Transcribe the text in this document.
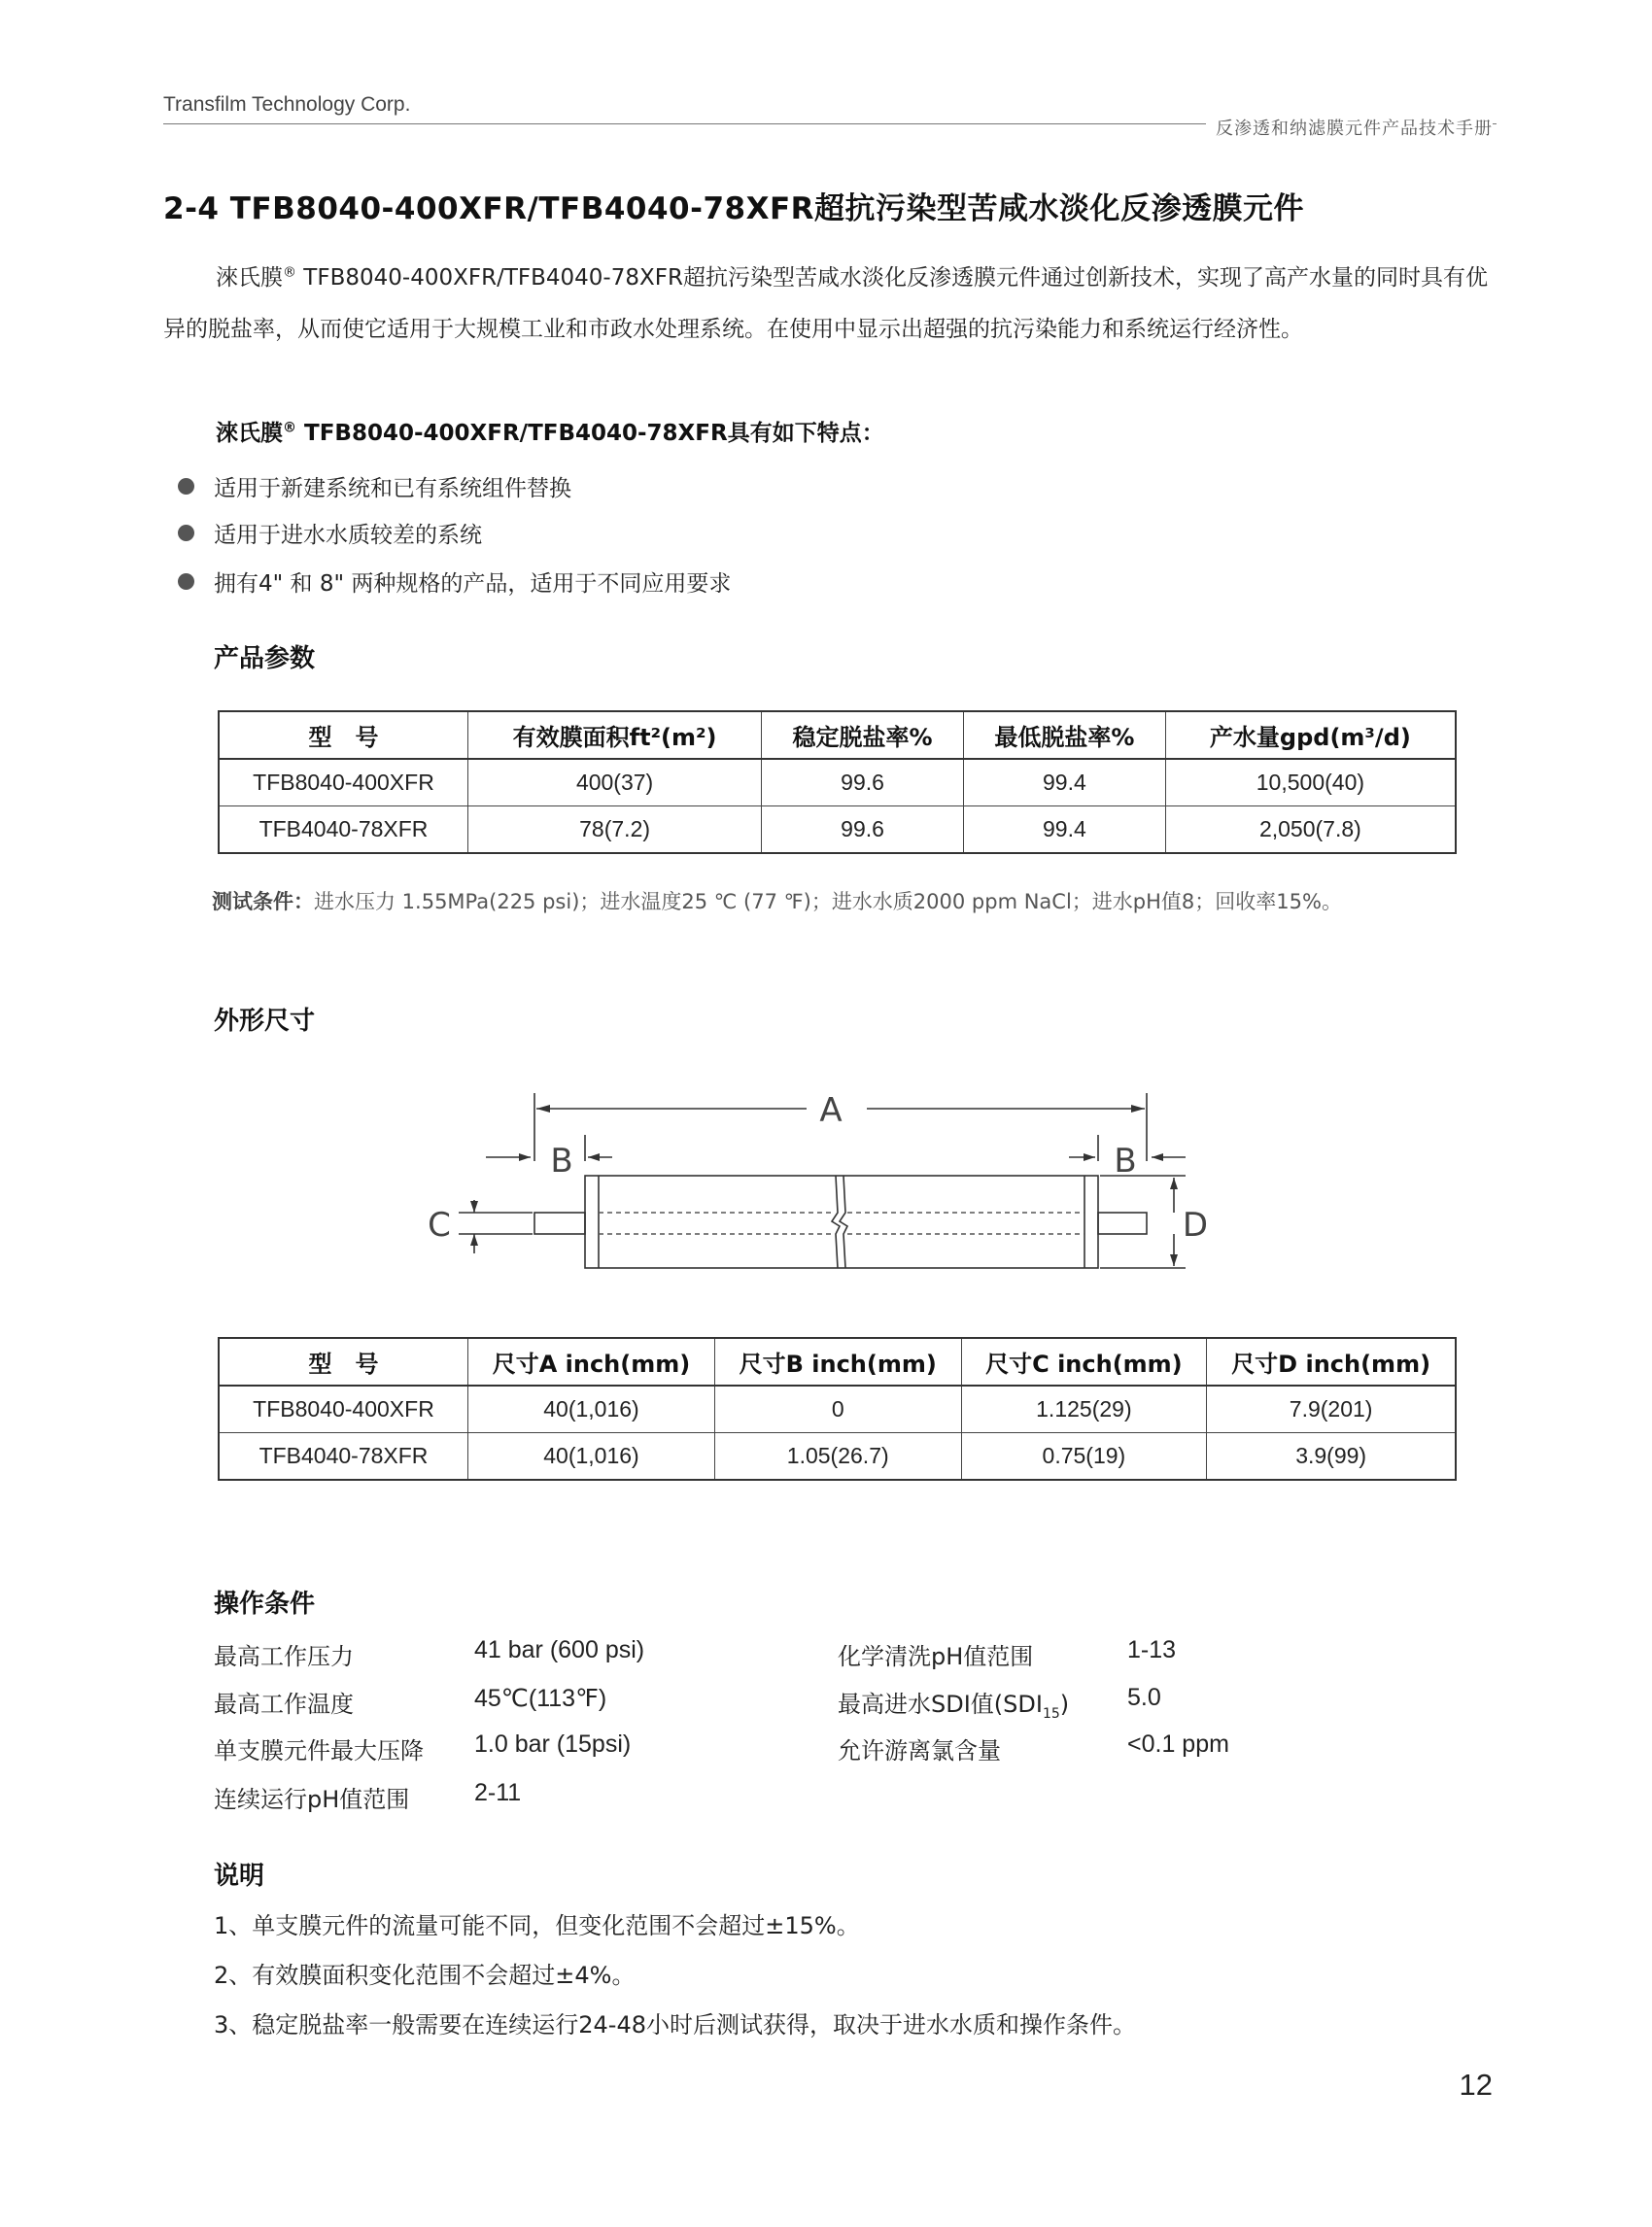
Transfilm Technology Corp.
反渗透和纳滤膜元件产品技术手册
2-4 TFB8040-400XFR/TFB4040-78XFR超抗污染型苦咸水淡化反渗透膜元件
淶氏膜® TFB8040-400XFR/TFB4040-78XFR超抗污染型苦咸水淡化反渗透膜元件通过创新技术，实现了高产水量的同时具有优异的脱盐率，从而使它适用于大规模工业和市政水处理系统。在使用中显示出超强的抗污染能力和系统运行经济性。
淶氏膜® TFB8040-400XFR/TFB4040-78XFR具有如下特点：
适用于新建系统和已有系统组件替换
适用于进水水质较差的系统
拥有4" 和 8" 两种规格的产品，适用于不同应用要求
产品参数
型　号	有效膜面积ft²(m²)	稳定脱盐率%	最低脱盐率%	产水量gpd(m³/d)
TFB8040-400XFR	400(37)	99.6	99.4	10,500(40)
TFB4040-78XFR	78(7.2)	99.6	99.4	2,050(7.8)
测试条件：进水压力 1.55MPa(225 psi)；进水温度25 ℃ (77 ℉)；进水水质2000 ppm NaCl；进水pH值8；回收率15%。
外形尺寸
A
B	B
C	D
型　号	尺寸A inch(mm)	尺寸B inch(mm)	尺寸C inch(mm)	尺寸D inch(mm)
TFB8040-400XFR	40(1,016)	0	1.125(29)	7.9(201)
TFB4040-78XFR	40(1,016)	1.05(26.7)	0.75(19)	3.9(99)
操作条件
最高工作压力	41 bar (600 psi)
最高工作温度	45℃(113℉)
单支膜元件最大压降 1.0 bar (15psi)
连续运行pH值范围	2-11
化学清洗pH值范围	1-13
最高进水SDI值$(SDI_{15})$ 5.0
允许游离氯含量	<0.1 ppm
说明
1、单支膜元件的流量可能不同，但变化范围不会超过±15%。
2、有效膜面积变化范围不会超过±4%。
3、稳定脱盐率一般需要在连续运行24-48小时后测试获得，取决于进水水质和操作条件。
12
